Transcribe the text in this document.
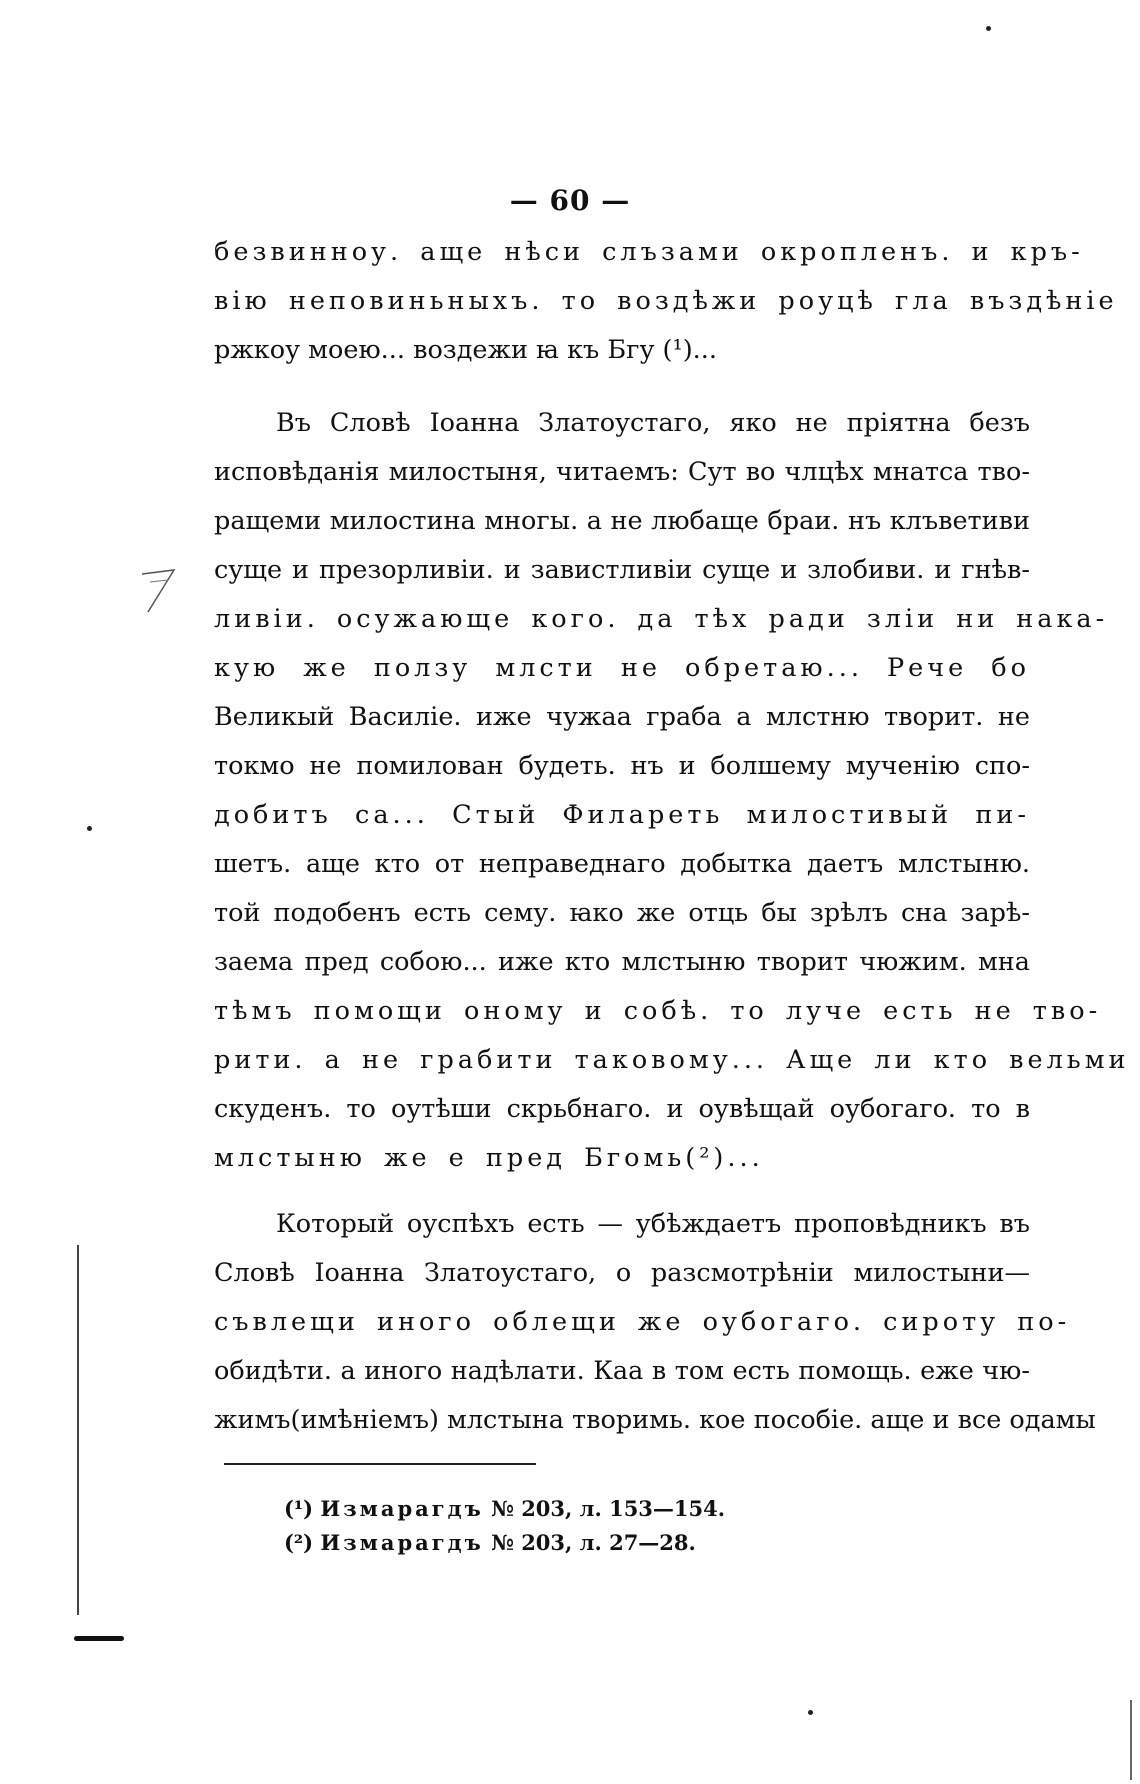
— 60 —
безвинноу. аще нѣси слъзами окропленъ. и кръ-
вію неповиньныхъ. то воздѣжи роуцѣ гла въздѣніе
ржкоу моею... воздежи ꙗ къ Бгу (¹)...
Въ Словѣ Іоанна Златоустаго, яко не пріятна безъ
исповѣданія милостыня, читаемъ: Сут во члцѣх мнатса тво-
ращеми милостина многы. а не любаще браи. нъ клъветиви
суще и презорливіи. и завистливіи суще и злобиви. и гнѣв-
ливіи. осужающе кого. да тѣх ради зліи ни нака-
кую же ползу млсти не обретаю... Рече бо
Великый Василіе. иже чужаа граба а млстню творит. не
токмо не помилован будеть. нъ и болшему мученію спо-
добитъ са... Стый Филареть милостивый пи-
шетъ. аще кто от неправеднаго добытка даетъ млстыню.
той подобенъ есть сему. ꙗко же отць бы зрѣлъ сна зарѣ-
заема пред собою... иже кто млстыню творит чюжим. мна
тѣмъ помощи оному и собѣ. то луче есть не тво-
рити. а не грабити таковому... Аще ли кто вельми
скуденъ. то оутѣши скрьбнаго. и оувѣщай оубогаго. то в
млстыню же е пред Бгомь(²)...
Который оуспѣхъ есть — убѣждаетъ проповѣдникъ въ
Словѣ Іоанна Златоустаго, о разсмотрѣніи милостыни—
съвлещи иного облещи же оубогаго. сироту по-
обидѣти. а иного надѣлати. Каа в том есть помощь. еже чю-
жимъ(имѣніемъ) млстына творимь. кое пособіе. аще и все одамы
(¹) Измарагдъ № 203, л. 153—154.
(²) Измарагдъ № 203, л. 27—28.
